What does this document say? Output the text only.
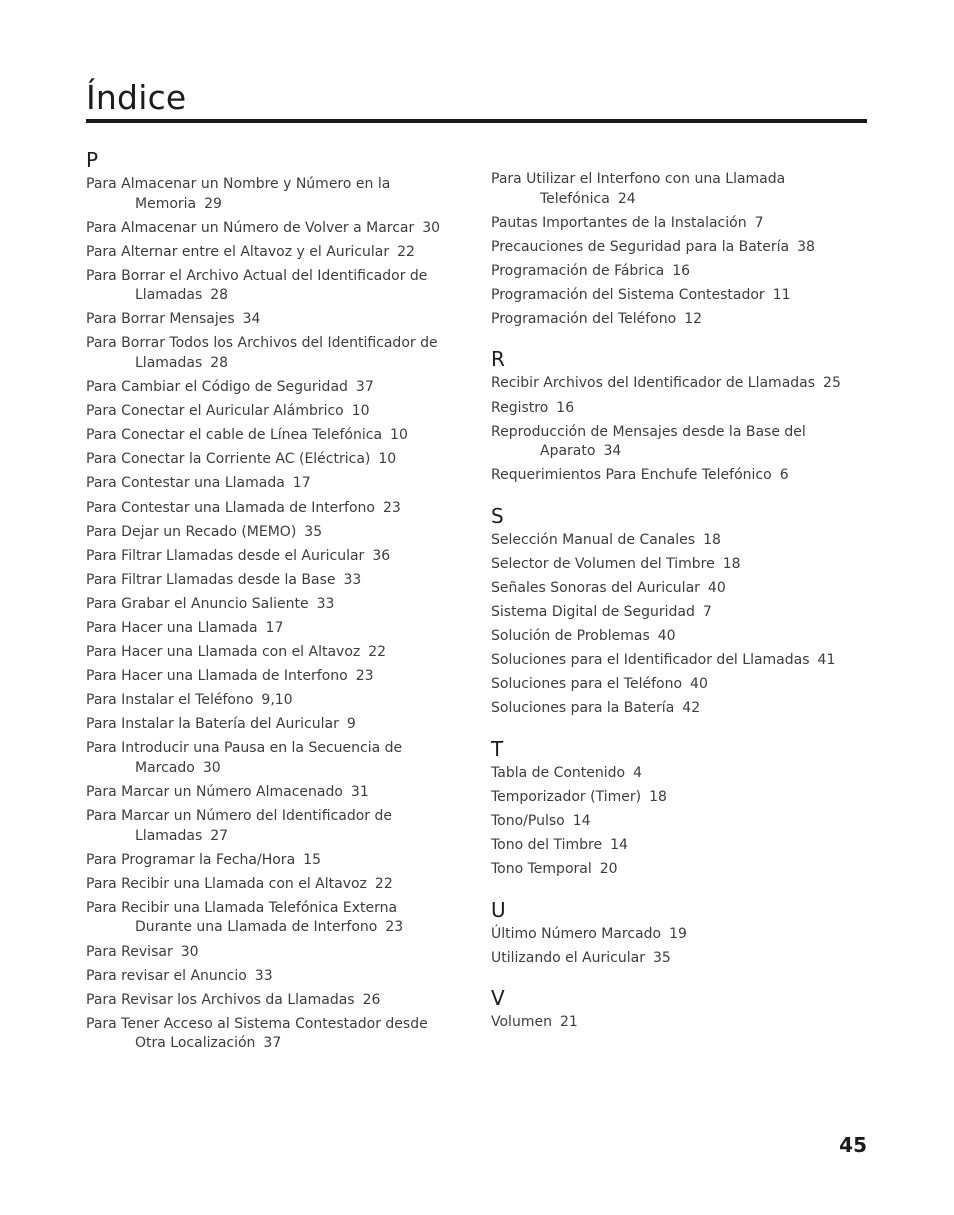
Índice
P
Para Almacenar un Nombre y Número en la Memoria 29
Para Almacenar un Número de Volver a Marcar 30
Para Alternar entre el Altavoz y el Auricular 22
Para Borrar el Archivo Actual del Identificador de Llamadas 28
Para Borrar Mensajes 34
Para Borrar Todos los Archivos del Identificador de Llamadas 28
Para Cambiar el Código de Seguridad 37
Para Conectar el Auricular Alámbrico 10
Para Conectar el cable de Línea Telefónica 10
Para Conectar la Corriente AC (Eléctrica) 10
Para Contestar una Llamada 17
Para Contestar una Llamada de Interfono 23
Para Dejar un Recado (MEMO) 35
Para Filtrar Llamadas desde el Auricular 36
Para Filtrar Llamadas desde la Base 33
Para Grabar el Anuncio Saliente 33
Para Hacer una Llamada 17
Para Hacer una Llamada con el Altavoz 22
Para Hacer una Llamada de Interfono 23
Para Instalar el Teléfono 9,10
Para Instalar la Batería del Auricular 9
Para Introducir una Pausa en la Secuencia de Marcado 30
Para Marcar un Número Almacenado 31
Para Marcar un Número del Identificador de Llamadas 27
Para Programar la Fecha/Hora 15
Para Recibir una Llamada con el Altavoz 22
Para Recibir una Llamada Telefónica Externa Durante una Llamada de Interfono 23
Para Revisar 30
Para revisar el Anuncio 33
Para Revisar los Archivos da Llamadas 26
Para Tener Acceso al Sistema Contestador desde Otra Localización 37
Para Utilizar el Interfono con una Llamada Telefónica 24
Pautas Importantes de la Instalación 7
Precauciones de Seguridad para la Batería 38
Programación de Fábrica 16
Programación del Sistema Contestador 11
Programación del Teléfono 12
R
Recibir Archivos del Identificador de Llamadas 25
Registro 16
Reproducción de Mensajes desde la Base del Aparato 34
Requerimientos Para Enchufe Telefónico 6
S
Selección Manual de Canales 18
Selector de Volumen del Timbre 18
Señales Sonoras del Auricular 40
Sistema Digital de Seguridad 7
Solución de Problemas 40
Soluciones para el Identificador del Llamadas 41
Soluciones para el Teléfono 40
Soluciones para la Batería 42
T
Tabla de Contenido 4
Temporizador (Timer) 18
Tono/Pulso 14
Tono del Timbre 14
Tono Temporal 20
U
Último Número Marcado 19
Utilizando el Auricular 35
V
Volumen 21
45
